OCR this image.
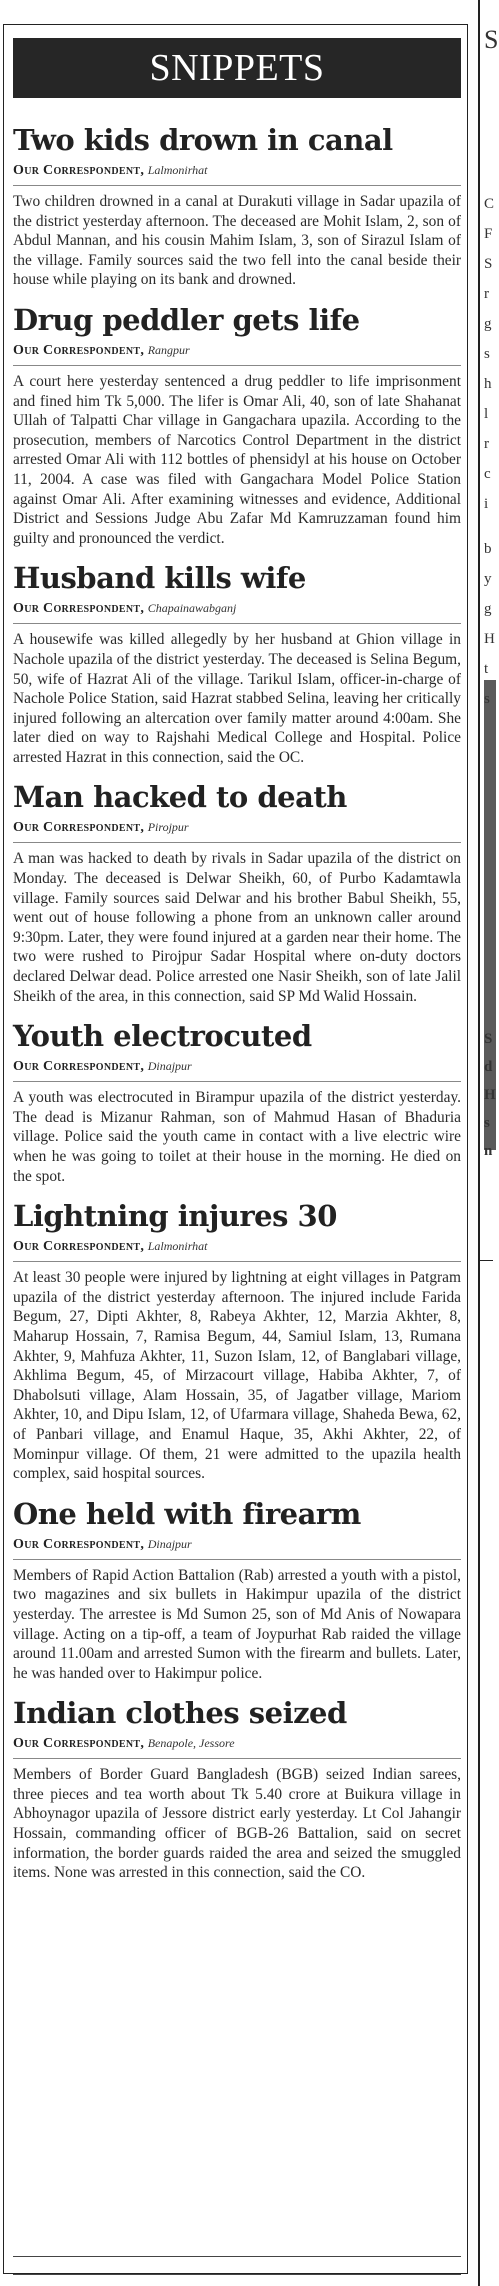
SNIPPETS
Two kids drown in canal
Our Correspondent, Lalmonirhat

Two children drowned in a canal at Durakuti village in Sadar upazila of the district yesterday afternoon. The deceased are Mohit Islam, 2, son of Abdul Mannan, and his cousin Mahim Islam, 3, son of Sirazul Islam of the village. Family sources said the two fell into the canal beside their house while playing on its bank and drowned.

Drug peddler gets life
Our Correspondent, Rangpur

A court here yesterday sentenced a drug peddler to life imprisonment and fined him Tk 5,000. The lifer is Omar Ali, 40, son of late Shahanat Ullah of Talpatti Char village in Gangachara upazila. According to the prosecution, members of Narcotics Control Department in the district arrested Omar Ali with 112 bottles of phensidyl at his house on October 11, 2004. A case was filed with Gangachara Model Police Station against Omar Ali. After examining witnesses and evidence, Additional District and Sessions Judge Abu Zafar Md Kamruzzaman found him guilty and pronounced the verdict.

Husband kills wife
Our Correspondent, Chapainawabganj

A housewife was killed allegedly by her husband at Ghion village in Nachole upazila of the district yesterday. The deceased is Selina Begum, 50, wife of Hazrat Ali of the village. Tarikul Islam, officer-in-charge of Nachole Police Station, said Hazrat stabbed Selina, leaving her critically injured following an altercation over family matter around 4:00am. She later died on way to Rajshahi Medical College and Hospital. Police arrested Hazrat in this connection, said the OC.

Man hacked to death
Our Correspondent, Pirojpur

A man was hacked to death by rivals in Sadar upazila of the district on Monday. The deceased is Delwar Sheikh, 60, of Purbo Kadamtawla village. Family sources said Delwar and his brother Babul Sheikh, 55, went out of house following a phone from an unknown caller around 9:30pm. Later, they were found injured at a garden near their home. The two were rushed to Pirojpur Sadar Hospital where on-duty doctors declared Delwar dead. Police arrested one Nasir Sheikh, son of late Jalil Sheikh of the area, in this connection, said SP Md Walid Hossain.

Youth electrocuted
Our Correspondent, Dinajpur

A youth was electrocuted in Birampur upazila of the district yesterday. The dead is Mizanur Rahman, son of Mahmud Hasan of Bhaduria village. Police said the youth came in contact with a live electric wire when he was going to toilet at their house in the morning. He died on the spot.

Lightning injures 30
Our Correspondent, Lalmonirhat

At least 30 people were injured by lightning at eight villages in Patgram upazila of the district yesterday afternoon. The injured include Farida Begum, 27, Dipti Akhter, 8, Rabeya Akhter, 12, Marzia Akhter, 8, Maharup Hossain, 7, Ramisa Begum, 44, Samiul Islam, 13, Rumana Akhter, 9, Mahfuza Akhter, 11, Suzon Islam, 12, of Banglabari village, Akhlima Begum, 45, of Mirzacourt village, Habiba Akhter, 7, of Dhabolsuti village, Alam Hossain, 35, of Jagatber village, Mariom Akhter, 10, and Dipu Islam, 12, of Ufarmara village, Shaheda Bewa, 62, of Panbari village, and Enamul Haque, 35, Akhi Akhter, 22, of Mominpur village. Of them, 21 were admitted to the upazila health complex, said hospital sources.

One held with firearm
Our Correspondent, Dinajpur

Members of Rapid Action Battalion (Rab) arrested a youth with a pistol, two magazines and six bullets in Hakimpur upazila of the district yesterday. The arrestee is Md Sumon 25, son of Md Anis of Nowapara village. Acting on a tip-off, a team of Joypurhat Rab raided the village around 11.00am and arrested Sumon with the firearm and bullets. Later, he was handed over to Hakimpur police.

Indian clothes seized
Our Correspondent, Benapole, Jessore

Members of Border Guard Bangladesh (BGB) seized Indian sarees, three pieces and tea worth about Tk 5.40 crore at Buikura village in Abhoynagor upazila of Jessore district early yesterday. Lt Col Jahangir Hossain, commanding officer of BGB-26 Battalion, said on secret information, the border guards raided the area and seized the smuggled items. None was arrested in this connection, said the CO.

S
C
F
S
r
g
s
h
l
r
c
i
b
y
g
H
t
s
S
d
H
s
n
